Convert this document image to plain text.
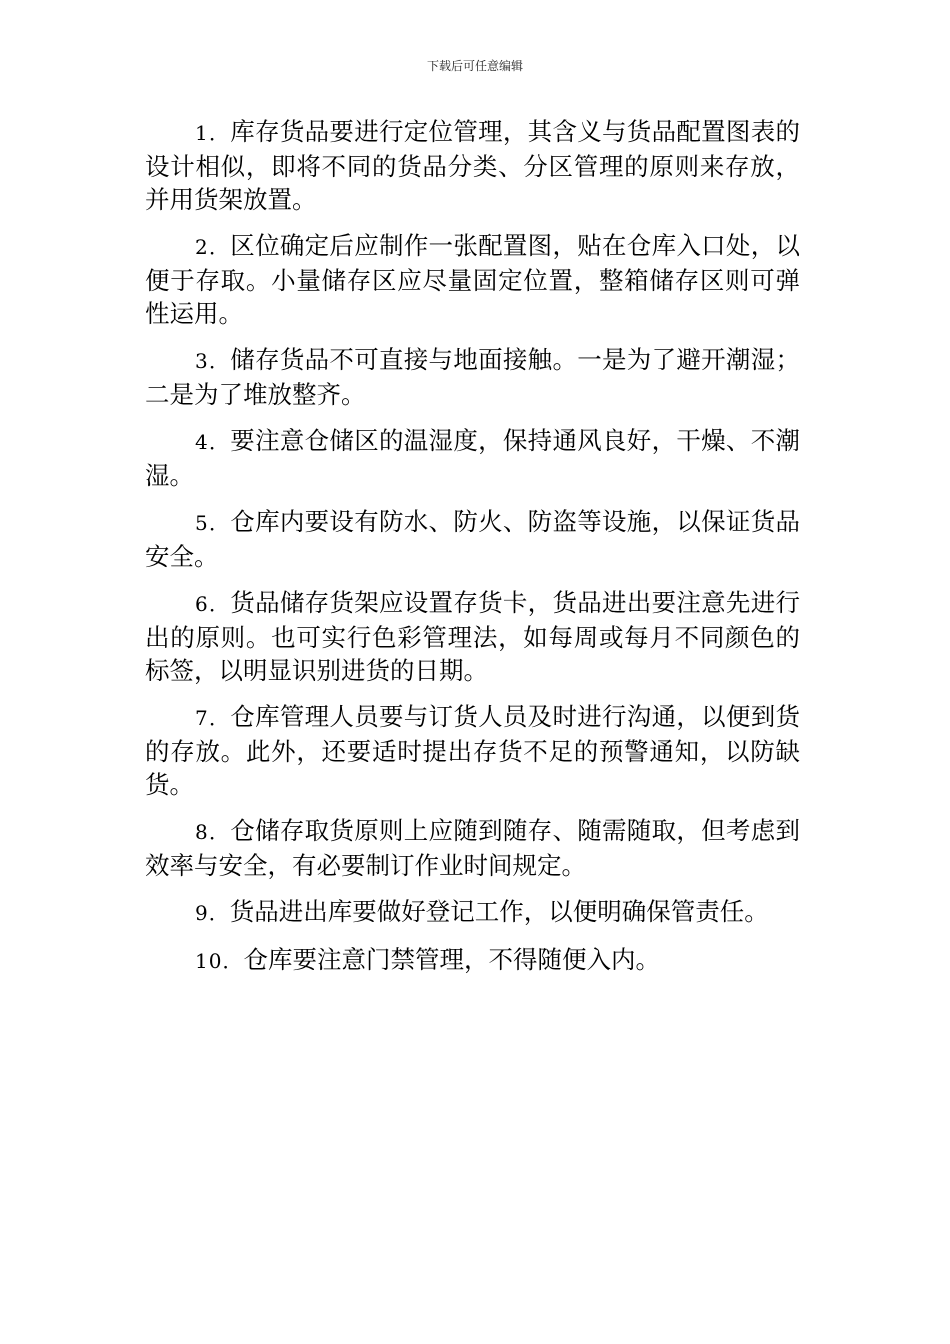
下载后可任意编辑

1．库存货品要进行定位管理，其含义与货品配置图表的设计相似，即将不同的货品分类、分区管理的原则来存放，并用货架放置。

2．区位确定后应制作一张配置图，贴在仓库入口处，以便于存取。小量储存区应尽量固定位置，整箱储存区则可弹性运用。

3．储存货品不可直接与地面接触。一是为了避开潮湿；二是为了堆放整齐。

4．要注意仓储区的温湿度，保持通风良好，干燥、不潮湿。

5．仓库内要设有防水、防火、防盗等设施，以保证货品安全。

6．货品储存货架应设置存货卡，货品进出要注意先进行出的原则。也可实行色彩管理法，如每周或每月不同颜色的标签，以明显识别进货的日期。

7．仓库管理人员要与订货人员及时进行沟通，以便到货的存放。此外，还要适时提出存货不足的预警通知，以防缺货。

8．仓储存取货原则上应随到随存、随需随取，但考虑到效率与安全，有必要制订作业时间规定。

9．货品进出库要做好登记工作，以便明确保管责任。

10．仓库要注意门禁管理，不得随便入内。
